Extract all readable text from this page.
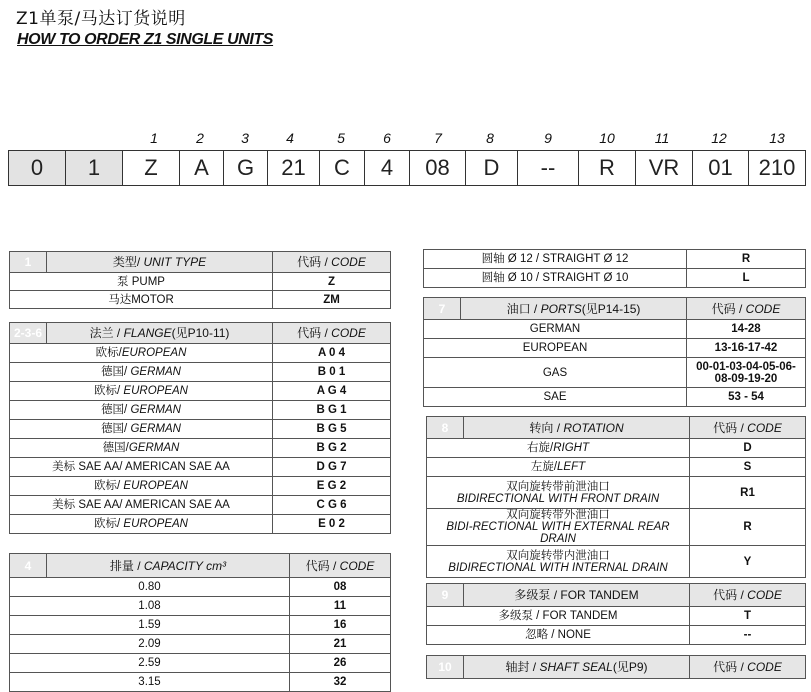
Z1单泵/马达订货说明
HOW TO ORDER Z1 SINGLE UNITS
1	2	3	4	5	6	7	8	9	10	11	12	13
0	1	Z	A	G	21	C	4	08	D	--	R	VR	01	210
1	类型/ UNIT TYPE	代码 / CODE
泵 PUMP		Z
马达MOTOR		ZM
2-3-6	法兰 / FLANGE(见P10-11)	代码 / CODE
欧标/EUROPEAN		A 0 4
德国/ GERMAN		B 0 1
欧标/ EUROPEAN		A G 4
德国/ GERMAN		B G 1
德国/ GERMAN		B G 5
德国/GERMAN		B G 2
美标 SAE AA/ AMERICAN SAE AA		D G 7
欧标/ EUROPEAN		E G 2
美标 SAE AA/ AMERICAN SAE AA		C G 6
欧标/ EUROPEAN		E 0 2
4	排量 / CAPACITY cm³	代码 / CODE
0.80		08
1.08		11
1.59		16
2.09		21
2.59		26
3.15		32
圆轴 Ø 12 / STRAIGHT Ø 12	R
圆轴 Ø 10 / STRAIGHT Ø 10	L
7	油口 / PORTS(见P14-15)	代码 / CODE
GERMAN		14-28
EUROPEAN		13-16-17-42
GAS		00-01-03-04-05-06-08-09-19-20
SAE		53 - 54
8	转向 / ROTATION	代码 / CODE
右旋/RIGHT		D
左旋/LEFT		S

双向旋转带前泄油口
BIDIRECTIONAL WITH FRONT DRAIN		R1

双向旋转带外泄油口
BIDI-RECTIONAL WITH EXTERNAL REAR DRAIN		R

双向旋转带内泄油口
BIDIRECTIONAL WITH INTERNAL DRAIN		Y
9	多级泵 / FOR TANDEM	代码 / CODE
多级泵 / FOR TANDEM		T
忽略 / NONE		--
10	轴封 / SHAFT SEAL(见P9)	代码 / CODE
